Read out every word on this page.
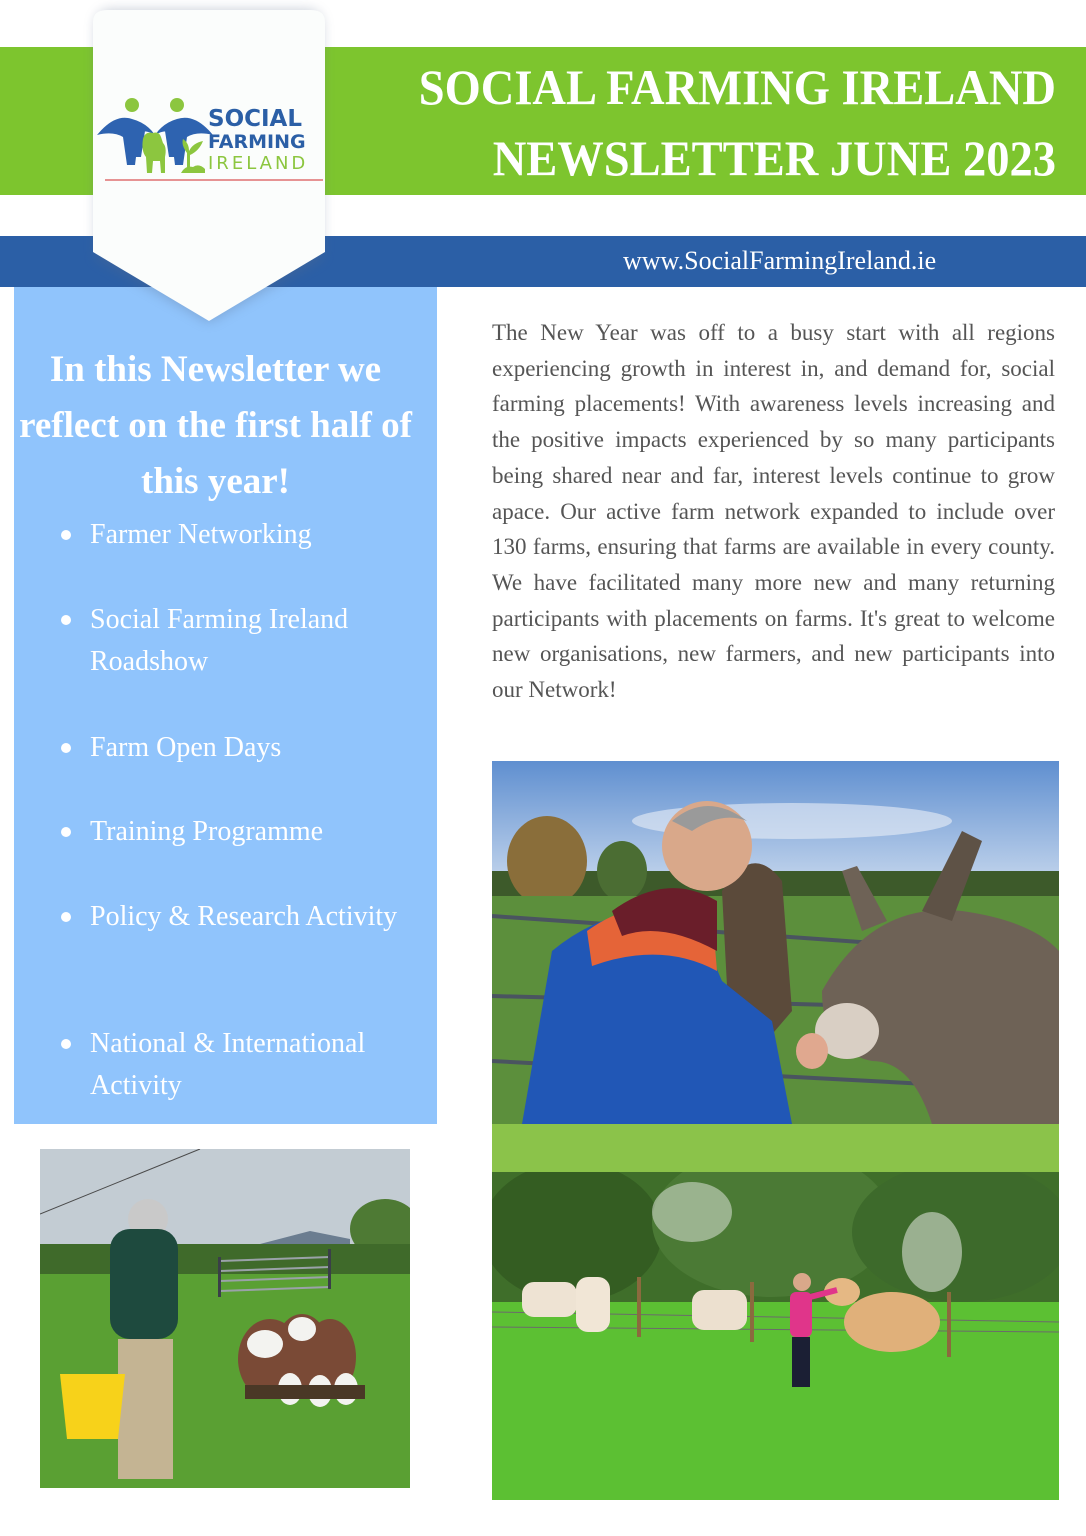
SOCIAL FARMING IRELAND
NEWSLETTER JUNE 2023
www.SocialFarmingIreland.ie
SOCIAL
FARMING
IRELAND
In this Newsletter we reflect on the first half of this year!
Farmer Networking
Social Farming Ireland Roadshow
Farm Open Days
Training Programme
Policy & Research Activity
National & International Activity
The New Year was off to a busy start with all regions experiencing growth in interest in, and demand for, social farming placements! With awareness levels increasing and the positive impacts experienced by so many participants being shared near and far, interest levels continue to grow apace. Our active farm network expanded to include over 130 farms, ensuring that farms are available in every county. We have facilitated many more new and many returning participants with placements on farms. It's great to welcome new organisations, new farmers, and new participants into our Network!
